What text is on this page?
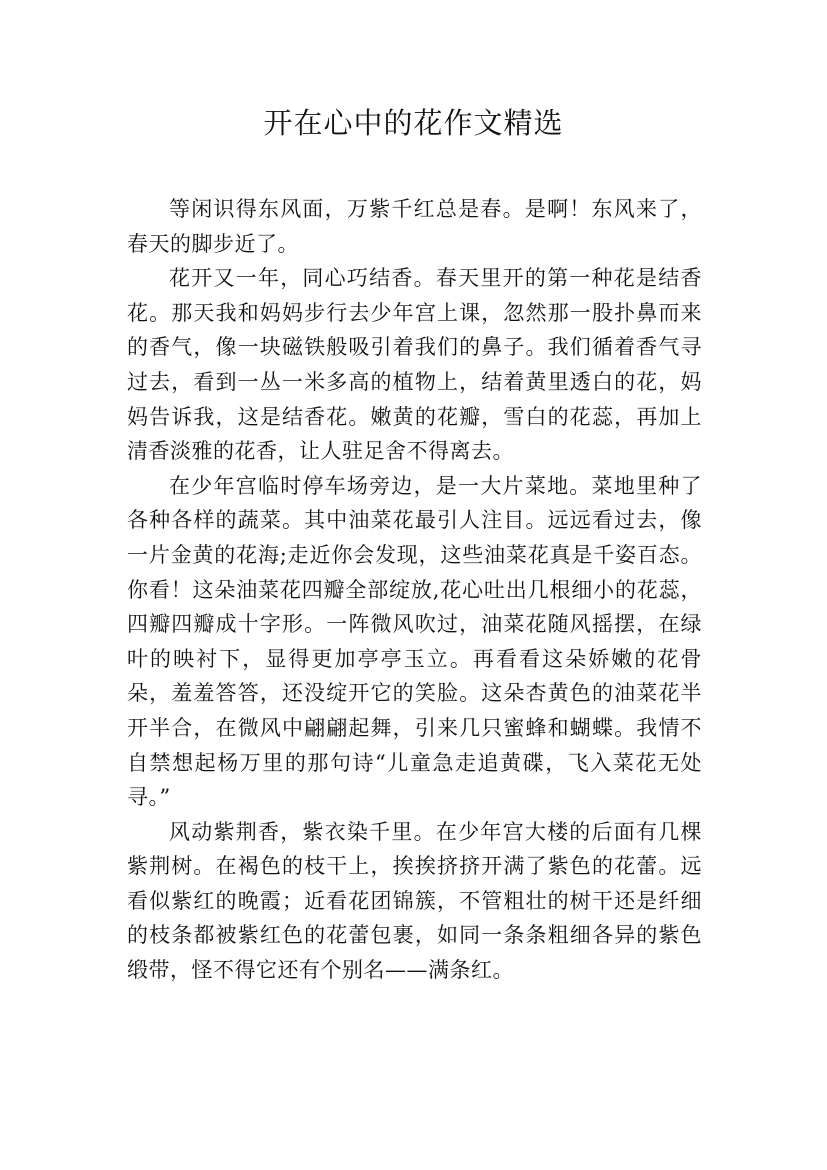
开在心中的花作文精选

等闲识得东风面，万紫千红总是春。是啊！东风来了，春天的脚步近了。

花开又一年，同心巧结香。春天里开的第一种花是结香花。那天我和妈妈步行去少年宫上课，忽然那一股扑鼻而来的香气，像一块磁铁般吸引着我们的鼻子。我们循着香气寻过去，看到一丛一米多高的植物上，结着黄里透白的花，妈妈告诉我，这是结香花。嫩黄的花瓣，雪白的花蕊，再加上清香淡雅的花香，让人驻足舍不得离去。

在少年宫临时停车场旁边，是一大片菜地。菜地里种了各种各样的蔬菜。其中油菜花最引人注目。远远看过去，像一片金黄的花海;走近你会发现，这些油菜花真是千姿百态。你看！这朵油菜花四瓣全部绽放,花心吐出几根细小的花蕊，四瓣四瓣成十字形。一阵微风吹过，油菜花随风摇摆，在绿叶的映衬下，显得更加亭亭玉立。再看看这朵娇嫩的花骨朵，羞羞答答，还没绽开它的笑脸。这朵杏黄色的油菜花半开半合，在微风中翩翩起舞，引来几只蜜蜂和蝴蝶。我情不自禁想起杨万里的那句诗“儿童急走追黄碟，飞入菜花无处寻。”

风动紫荆香，紫衣染千里。在少年宫大楼的后面有几棵紫荆树。在褐色的枝干上，挨挨挤挤开满了紫色的花蕾。远看似紫红的晚霞；近看花团锦簇，不管粗壮的树干还是纤细的枝条都被紫红色的花蕾包裹，如同一条条粗细各异的紫色缎带，怪不得它还有个别名——满条红。
